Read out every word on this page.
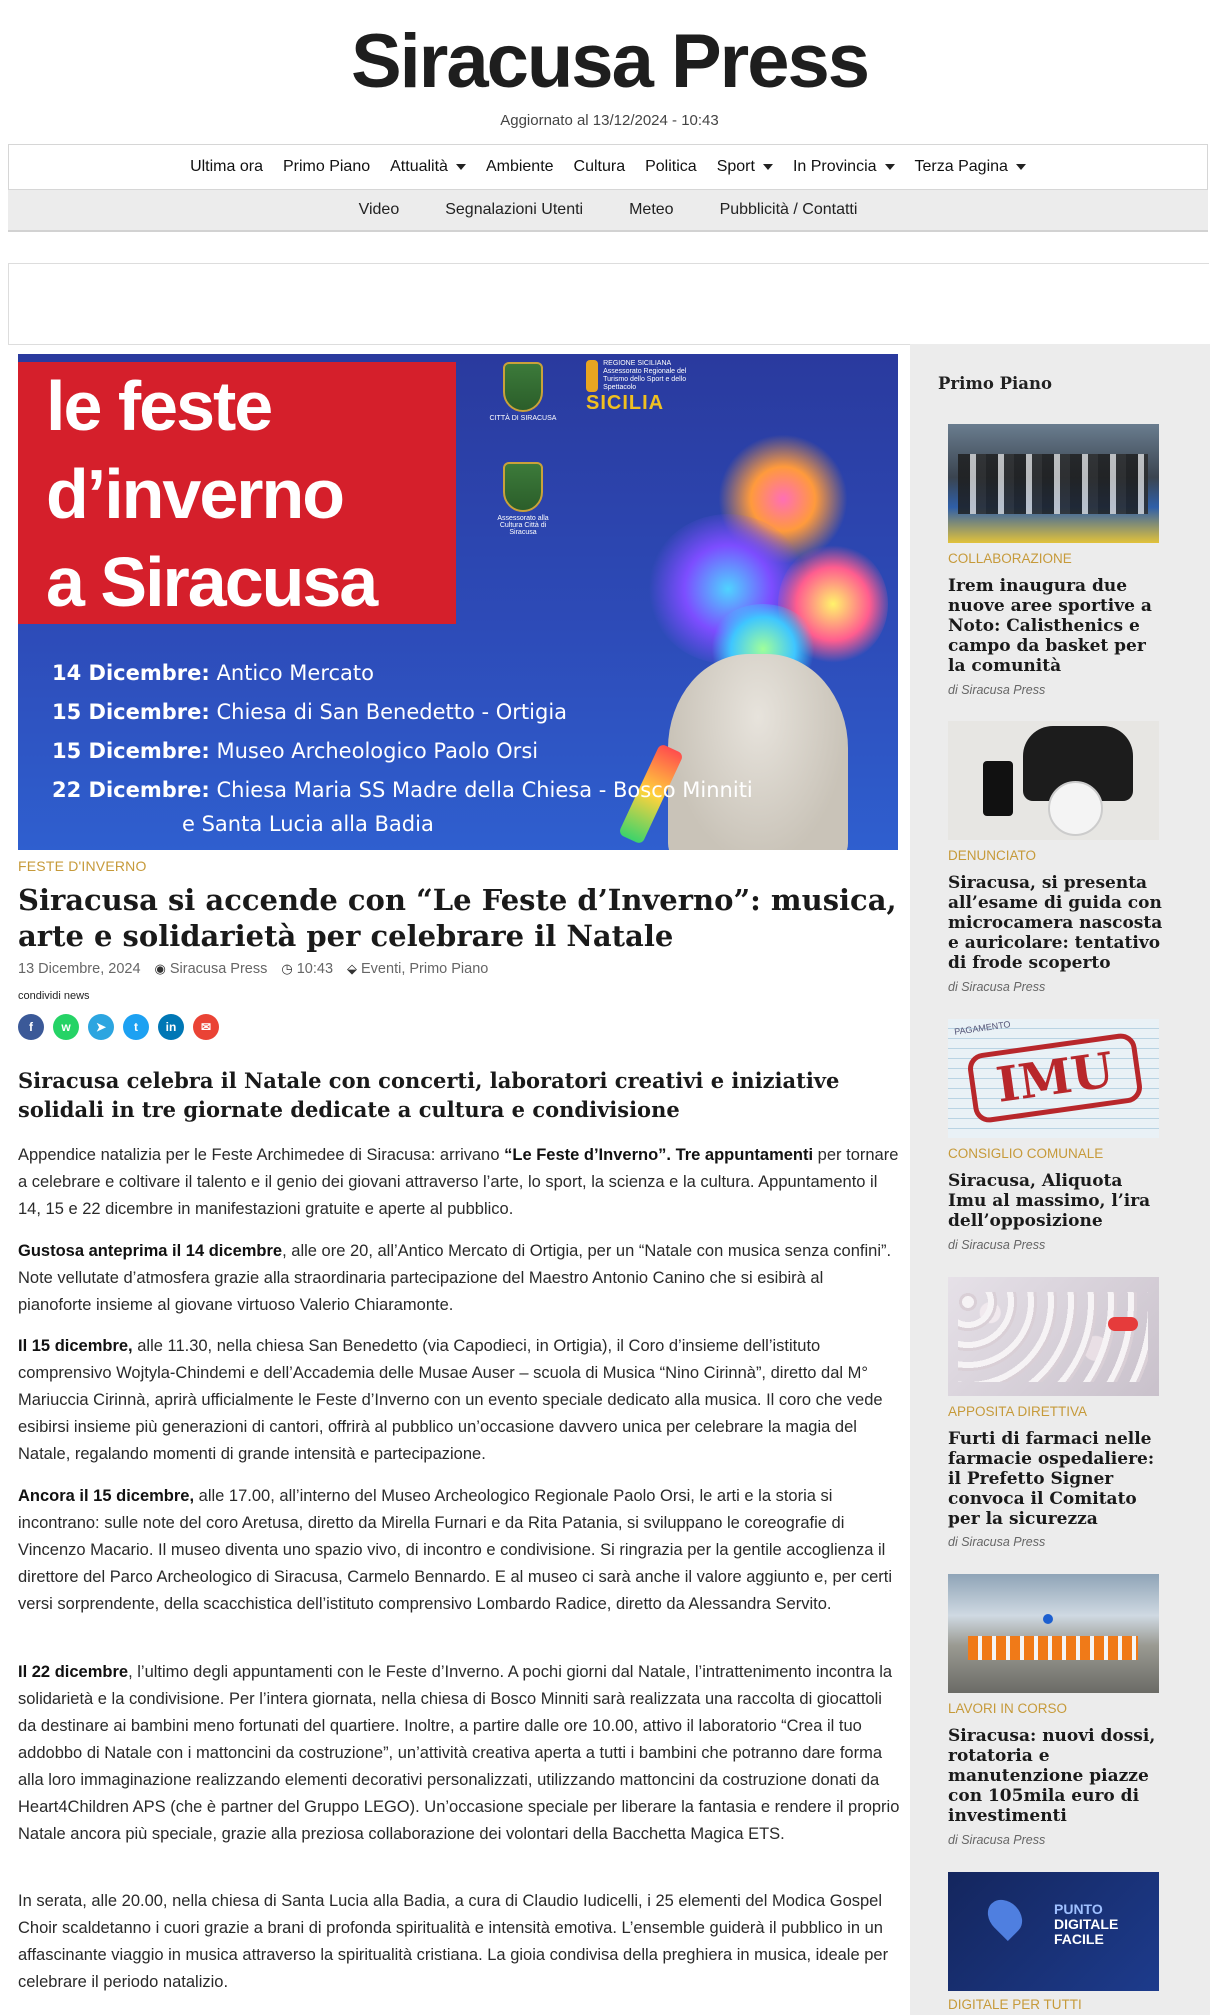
Siracusa Press
Aggiornato al 13/12/2024 - 10:43
Ultima ora Primo Piano Attualità Ambiente Cultura Politica Sport In Provincia Terza Pagina
Video	Segnalazioni Utenti	Meteo	Pubblicità / Contatti
le feste
d’inverno
a Siracusa
CITTÀ DI SIRACUSA
Assessorato alla Cultura Città di Siracusa
REGIONE SICILIANA Assessorato Regionale del Turismo dello Sport e dello Spettacolo
SICILIA
14 Dicembre: Antico Mercato
15 Dicembre: Chiesa di San Benedetto - Ortigia
15 Dicembre: Museo Archeologico Paolo Orsi
22 Dicembre: Chiesa Maria SS Madre della Chiesa - Bosco Minniti
e Santa Lucia alla Badia
FESTE D'INVERNO
Siracusa si accende con “Le Feste d’Inverno”: musica, arte e solidarietà per celebrare il Natale
13 Dicembre, 2024 ◉ Siracusa Press ◷ 10:43 ⬙ Eventi, Primo Piano
condividi news
f	w	➤	t	in	✉
Siracusa celebra il Natale con concerti, laboratori creativi e iniziative solidali in tre giornate dedicate a cultura e condivisione

Appendice natalizia per le Feste Archimedee di Siracusa: arrivano “Le Feste d’Inverno”. Tre appuntamenti per tornare a celebrare e coltivare il talento e il genio dei giovani attraverso l’arte, lo sport, la scienza e la cultura. Appuntamento il 14, 15 e 22 dicembre in manifestazioni gratuite e aperte al pubblico.

Gustosa anteprima il 14 dicembre, alle ore 20, all’Antico Mercato di Ortigia, per un “Natale con musica senza confini”. Note vellutate d’atmosfera grazie alla straordinaria partecipazione del Maestro Antonio Canino che si esibirà al pianoforte insieme al giovane virtuoso Valerio Chiaramonte.

Il 15 dicembre, alle 11.30, nella chiesa San Benedetto (via Capodieci, in Ortigia), il Coro d’insieme dell’istituto comprensivo Wojtyla-Chindemi e dell’Accademia delle Musae Auser – scuola di Musica “Nino Cirinnà”, diretto dal M° Mariuccia Cirinnà, aprirà ufficialmente le Feste d’Inverno con un evento speciale dedicato alla musica. Il coro che vede esibirsi insieme più generazioni di cantori, offrirà al pubblico un’occasione davvero unica per celebrare la magia del Natale, regalando momenti di grande intensità e partecipazione.

Ancora il 15 dicembre, alle 17.00, all’interno del Museo Archeologico Regionale Paolo Orsi, le arti e la storia si incontrano: sulle note del coro Aretusa, diretto da Mirella Furnari e da Rita Patania, si sviluppano le coreografie di Vincenzo Macario. Il museo diventa uno spazio vivo, di incontro e condivisione. Si ringrazia per la gentile accoglienza il direttore del Parco Archeologico di Siracusa, Carmelo Bennardo. E al museo ci sarà anche il valore aggiunto e, per certi versi sorprendente, della scacchistica dell’istituto comprensivo Lombardo Radice, diretto da Alessandra Servito.

Il 22 dicembre, l’ultimo degli appuntamenti con le Feste d’Inverno. A pochi giorni dal Natale, l’intrattenimento incontra la solidarietà e la condivisione. Per l’intera giornata, nella chiesa di Bosco Minniti sarà realizzata una raccolta di giocattoli da destinare ai bambini meno fortunati del quartiere. Inoltre, a partire dalle ore 10.00, attivo il laboratorio “Crea il tuo addobbo di Natale con i mattoncini da costruzione”, un’attività creativa aperta a tutti i bambini che potranno dare forma alla loro immaginazione realizzando elementi decorativi personalizzati, utilizzando mattoncini da costruzione donati da Heart4Children APS (che è partner del Gruppo LEGO). Un’occasione speciale per liberare la fantasia e rendere il proprio Natale ancora più speciale, grazie alla preziosa collaborazione dei volontari della Bacchetta Magica ETS.

In serata, alle 20.00, nella chiesa di Santa Lucia alla Badia, a cura di Claudio Iudicelli, i 25 elementi del Modica Gospel Choir scaldetanno i cuori grazie a brani di profonda spiritualità e intensità emotiva. L’ensemble guiderà il pubblico in un affascinante viaggio in musica attraverso la spiritualità cristiana. La gioia condivisa della preghiera in musica, ideale per celebrare il periodo natalizio.

Primo Piano
COLLABORAZIONE
Irem inaugura due nuove aree sportive a Noto: Calisthenics e campo da basket per la comunità
di Siracusa Press
DENUNCIATO
Siracusa, si presenta all’esame di guida con microcamera nascosta e auricolare: tentativo di frode scoperto
di Siracusa Press
PAGAMENTO
IMU
CONSIGLIO COMUNALE
Siracusa, Aliquota Imu al massimo, l’ira dell’opposizione
di Siracusa Press
APPOSITA DIRETTIVA
Furti di farmaci nelle farmacie ospedaliere: il Prefetto Signer convoca il Comitato per la sicurezza
di Siracusa Press
LAVORI IN CORSO
Siracusa: nuovi dossi, rotatoria e manutenzione piazze con 105mila euro di investimenti
di Siracusa Press
PUNTO
DIGITALE
FACILE
DIGITALE PER TUTTI
